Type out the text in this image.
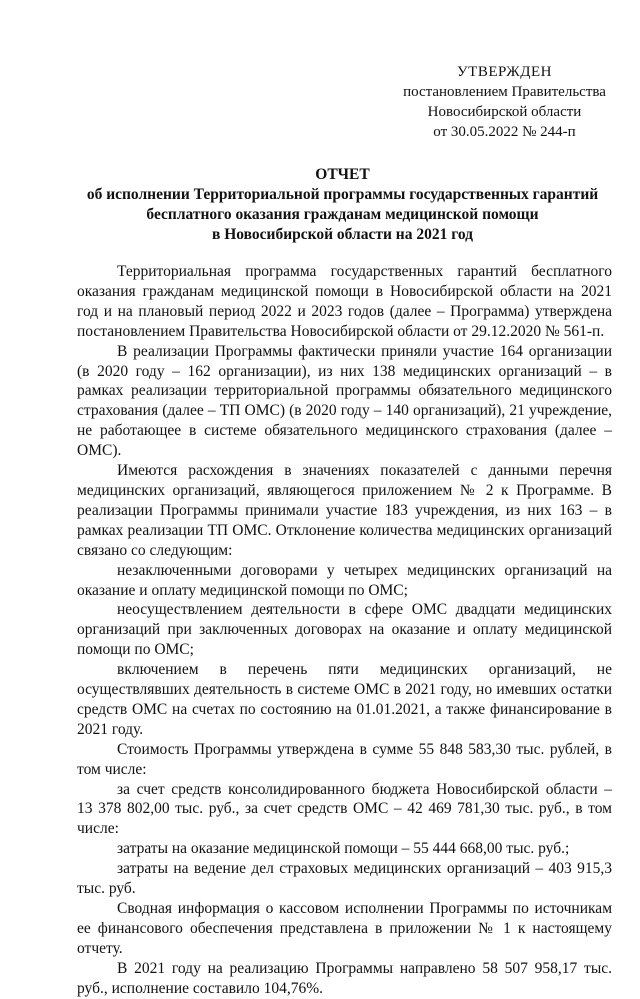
УТВЕРЖДЕН
постановлением Правительства
Новосибирской области
от 30.05.2022 № 244-п
ОТЧЕТ
об исполнении Территориальной программы государственных гарантий
бесплатного оказания гражданам медицинской помощи
в Новосибирской области на 2021 год

Территориальная программа государственных гарантий бесплатного оказания гражданам медицинской помощи в Новосибирской области на 2021 год и на плановый период 2022 и 2023 годов (далее – Программа) утверждена постановлением Правительства Новосибирской области от 29.12.2020 № 561-п.

В реализации Программы фактически приняли участие 164 организации (в 2020 году – 162 организации), из них 138 медицинских организаций – в рамках реализации территориальной программы обязательного медицинского страхования (далее – ТП ОМС) (в 2020 году – 140 организаций), 21 учреждение, не работающее в системе обязательного медицинского страхования (далее – ОМС).

Имеются расхождения в значениях показателей с данными перечня медицинских организаций, являющегося приложением № 2 к Программе. В реализации Программы принимали участие 183 учреждения, из них 163 – в рамках реализации ТП ОМС. Отклонение количества медицинских организаций связано со следующим:

незаключенными договорами у четырех медицинских организаций на оказание и оплату медицинской помощи по ОМС;

неосуществлением деятельности в сфере ОМС двадцати медицинских организаций при заключенных договорах на оказание и оплату медицинской помощи по ОМС;

включением в перечень пяти медицинских организаций, не осуществлявших деятельность в системе ОМС в 2021 году, но имевших остатки средств ОМС на счетах по состоянию на 01.01.2021, а также финансирование в 2021 году.

Стоимость Программы утверждена в сумме 55 848 583,30 тыс. рублей, в том числе:

за счет средств консолидированного бюджета Новосибирской области – 13 378 802,00 тыс. руб., за счет средств ОМС – 42 469 781,30 тыс. руб., в том числе:

затраты на оказание медицинской помощи – 55 444 668,00 тыс. руб.;

затраты на ведение дел страховых медицинских организаций – 403 915,3 тыс. руб.

Сводная информация о кассовом исполнении Программы по источникам ее финансового обеспечения представлена в приложении № 1 к настоящему отчету.

В 2021 году на реализацию Программы направлено 58 507 958,17 тыс. руб., исполнение составило 104,76%.
